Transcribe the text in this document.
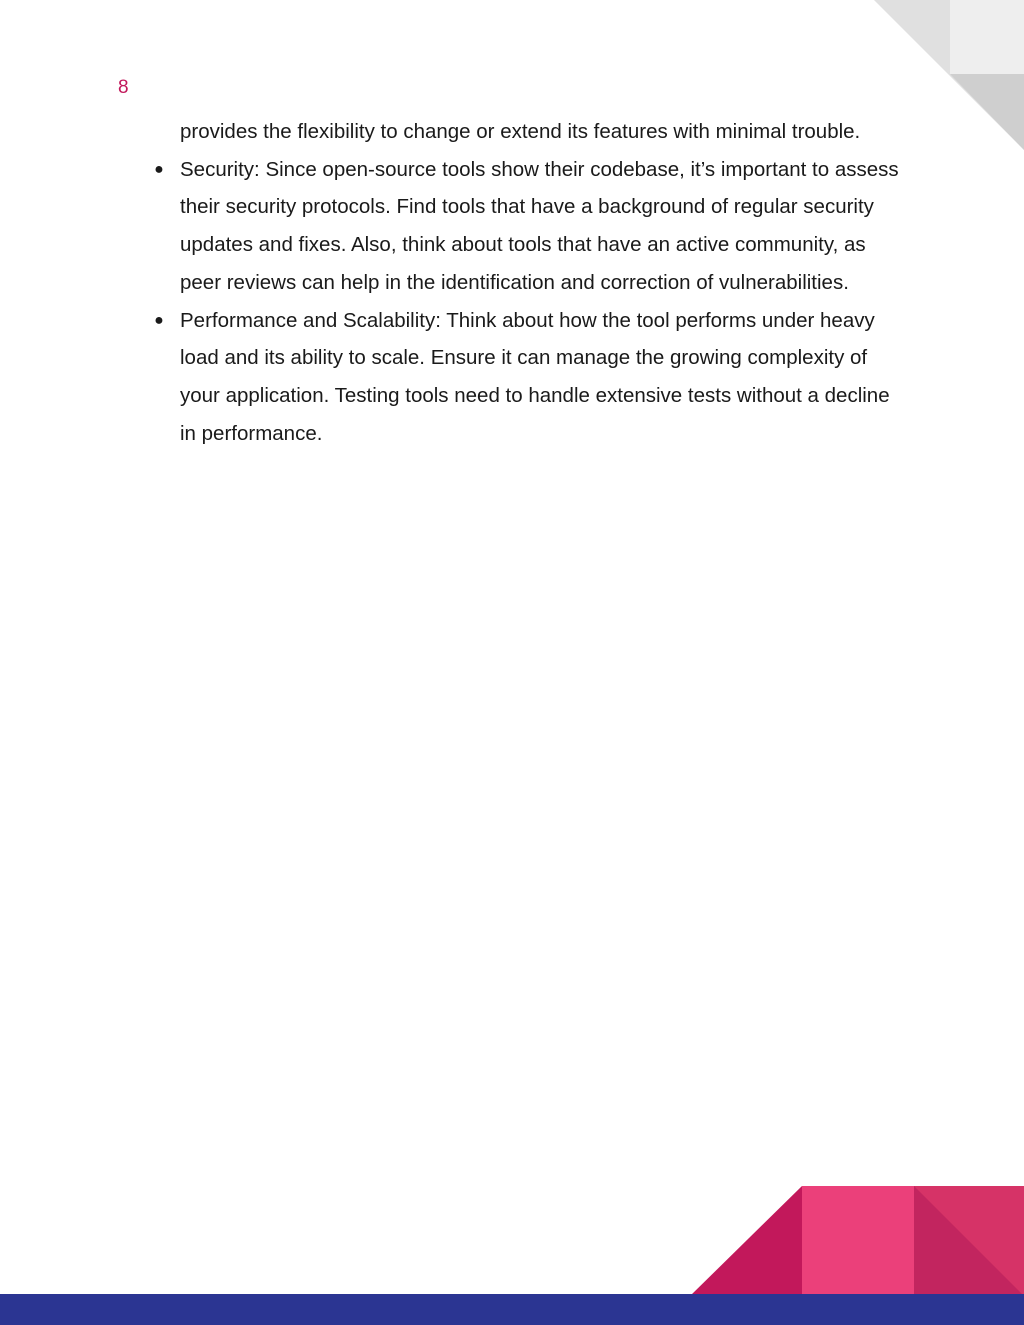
8

provides the flexibility to change or extend its features with minimal trouble.

● Security: Since open-source tools show their codebase, it’s important to assess their security protocols. Find tools that have a background of regular security updates and fixes. Also, think about tools that have an active community, as peer reviews can help in the identification and correction of vulnerabilities.
● Performance and Scalability: Think about how the tool performs under heavy load and its ability to scale. Ensure it can manage the growing complexity of your application. Testing tools need to handle extensive tests without a decline in performance.
